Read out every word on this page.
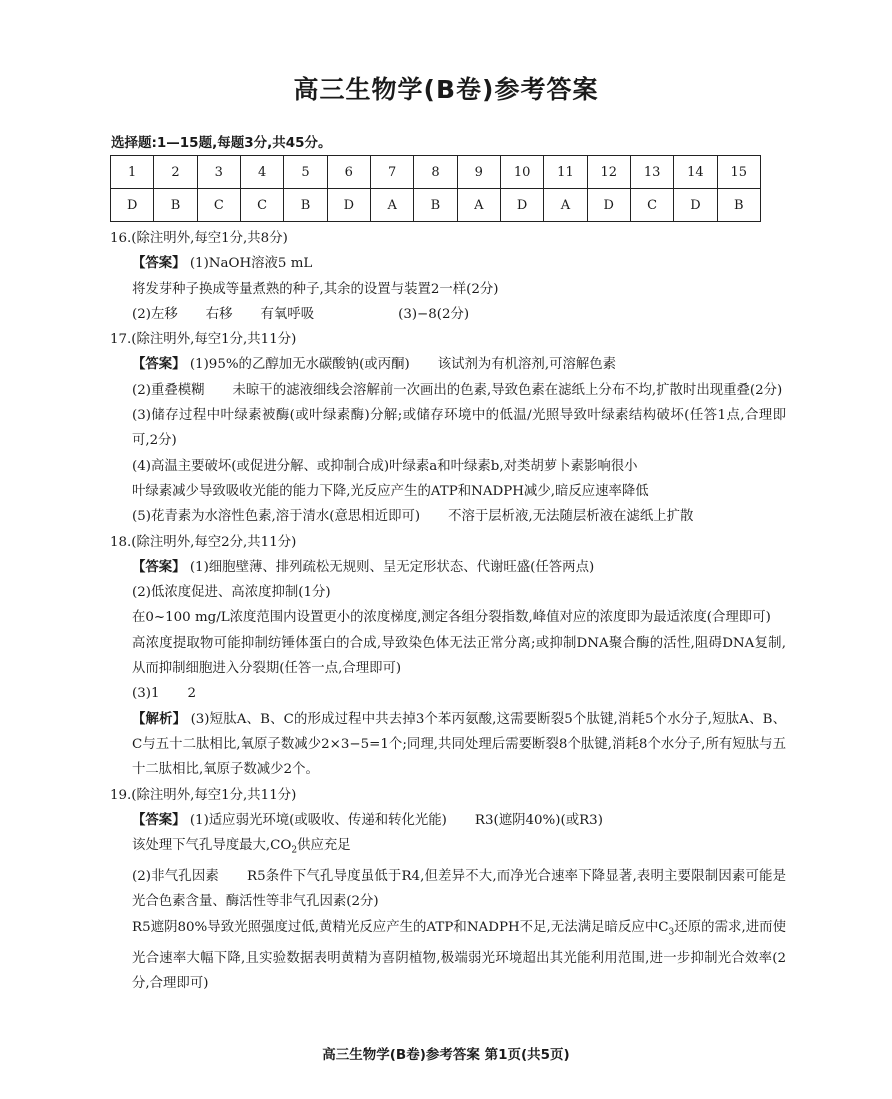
高三生物学(B卷)参考答案
选择题:1—15题,每题3分,共45分。
1	2	3	4	5	6	7	8	9	10	11	12	13	14	15
D	B	C	C	B	D	A	B	A	D	A	D	C	D	B

16.(除注明外,每空1分,共8分)

【答案】 (1)NaOH溶液5 mL

将发芽种子换成等量煮熟的种子,其余的设置与装置2一样(2分)

(2)左移 右移 有氧呼吸	(3)−8(2分)

17.(除注明外,每空1分,共11分)

【答案】 (1)95%的乙醇加无水碳酸钠(或丙酮) 该试剂为有机溶剂,可溶解色素

(2)重叠模糊 未晾干的滤液细线会溶解前一次画出的色素,导致色素在滤纸上分布不均,扩散时出现重叠(2分)

(3)储存过程中叶绿素被酶(或叶绿素酶)分解;或储存环境中的低温/光照导致叶绿素结构破坏(任答1点,合理即可,2分)

(4)高温主要破坏(或促进分解、或抑制合成)叶绿素a和叶绿素b,对类胡萝卜素影响很小

叶绿素减少导致吸收光能的能力下降,光反应产生的ATP和NADPH减少,暗反应速率降低

(5)花青素为水溶性色素,溶于清水(意思相近即可) 不溶于层析液,无法随层析液在滤纸上扩散

18.(除注明外,每空2分,共11分)

【答案】 (1)细胞壁薄、排列疏松无规则、呈无定形状态、代谢旺盛(任答两点)

(2)低浓度促进、高浓度抑制(1分)

在0~100 mg/L浓度范围内设置更小的浓度梯度,测定各组分裂指数,峰值对应的浓度即为最适浓度(合理即可)

高浓度提取物可能抑制纺锤体蛋白的合成,导致染色体无法正常分离;或抑制DNA聚合酶的活性,阻碍DNA复制,从而抑制细胞进入分裂期(任答一点,合理即可)

(3)1 2

【解析】 (3)短肽A、B、C的形成过程中共去掉3个苯丙氨酸,这需要断裂5个肽键,消耗5个水分子,短肽A、B、C与五十二肽相比,氧原子数减少2×3−5=1个;同理,共同处理后需要断裂8个肽键,消耗8个水分子,所有短肽与五十二肽相比,氧原子数减少2个。

19.(除注明外,每空1分,共11分)

【答案】 (1)适应弱光环境(或吸收、传递和转化光能) R3(遮阴40%)(或R3)

该处理下气孔导度最大$,CO_2$供应充足

(2)非气孔因素 R5条件下气孔导度虽低于R4,但差异不大,而净光合速率下降显著,表明主要限制因素可能是光合色素含量、酶活性等非气孔因素(2分)

R5遮阴80%导致光照强度过低,黄精光反应产生的ATP和NADPH不足,无法满足暗反应中$C_3$还原的需求,进而使光合速率大幅下降,且实验数据表明黄精为喜阴植物,极端弱光环境超出其光能利用范围,进一步抑制光合效率(2分,合理即可)

高三生物学(B卷)参考答案 第1页(共5页)
